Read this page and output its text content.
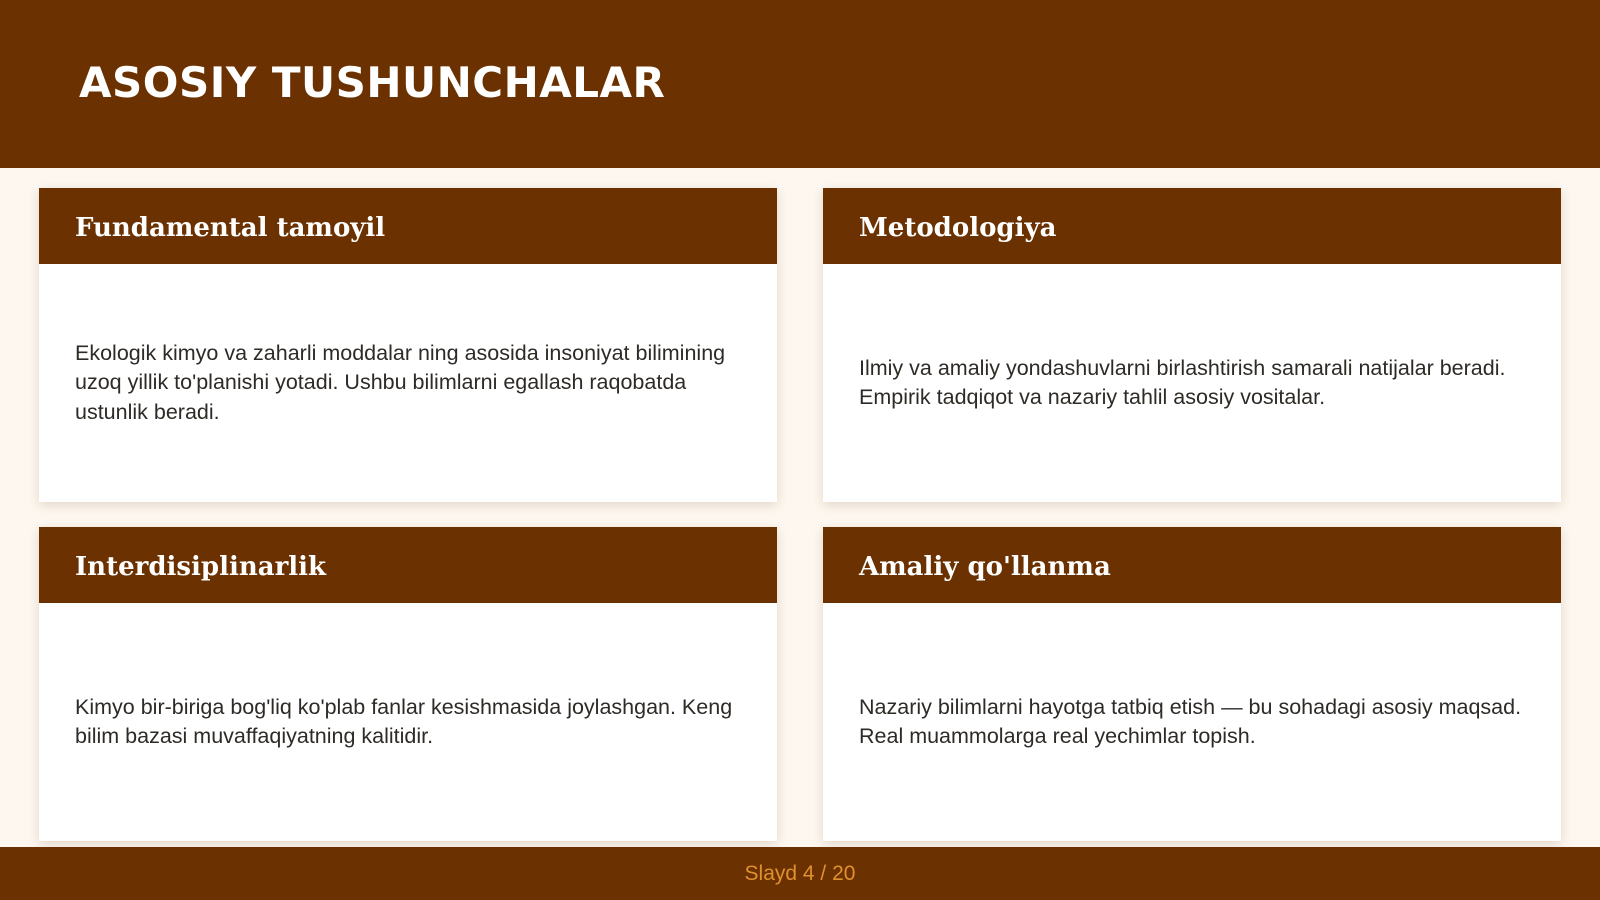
ASOSIY TUSHUNCHALAR
Fundamental tamoyil

Ekologik kimyo va zaharli moddalar ning asosida insoniyat bilimining uzoq yillik to'planishi yotadi. Ushbu bilimlarni egallash raqobatda ustunlik beradi.

Metodologiya

Ilmiy va amaliy yondashuvlarni birlashtirish samarali natijalar beradi. Empirik tadqiqot va nazariy tahlil asosiy vositalar.

Interdisiplinarlik

Kimyo bir-biriga bog'liq ko'plab fanlar kesishmasida joylashgan. Keng bilim bazasi muvaffaqiyatning kalitidir.

Amaliy qo'llanma

Nazariy bilimlarni hayotga tatbiq etish — bu sohadagi asosiy maqsad. Real muammolarga real yechimlar topish.

Slayd 4 / 20
